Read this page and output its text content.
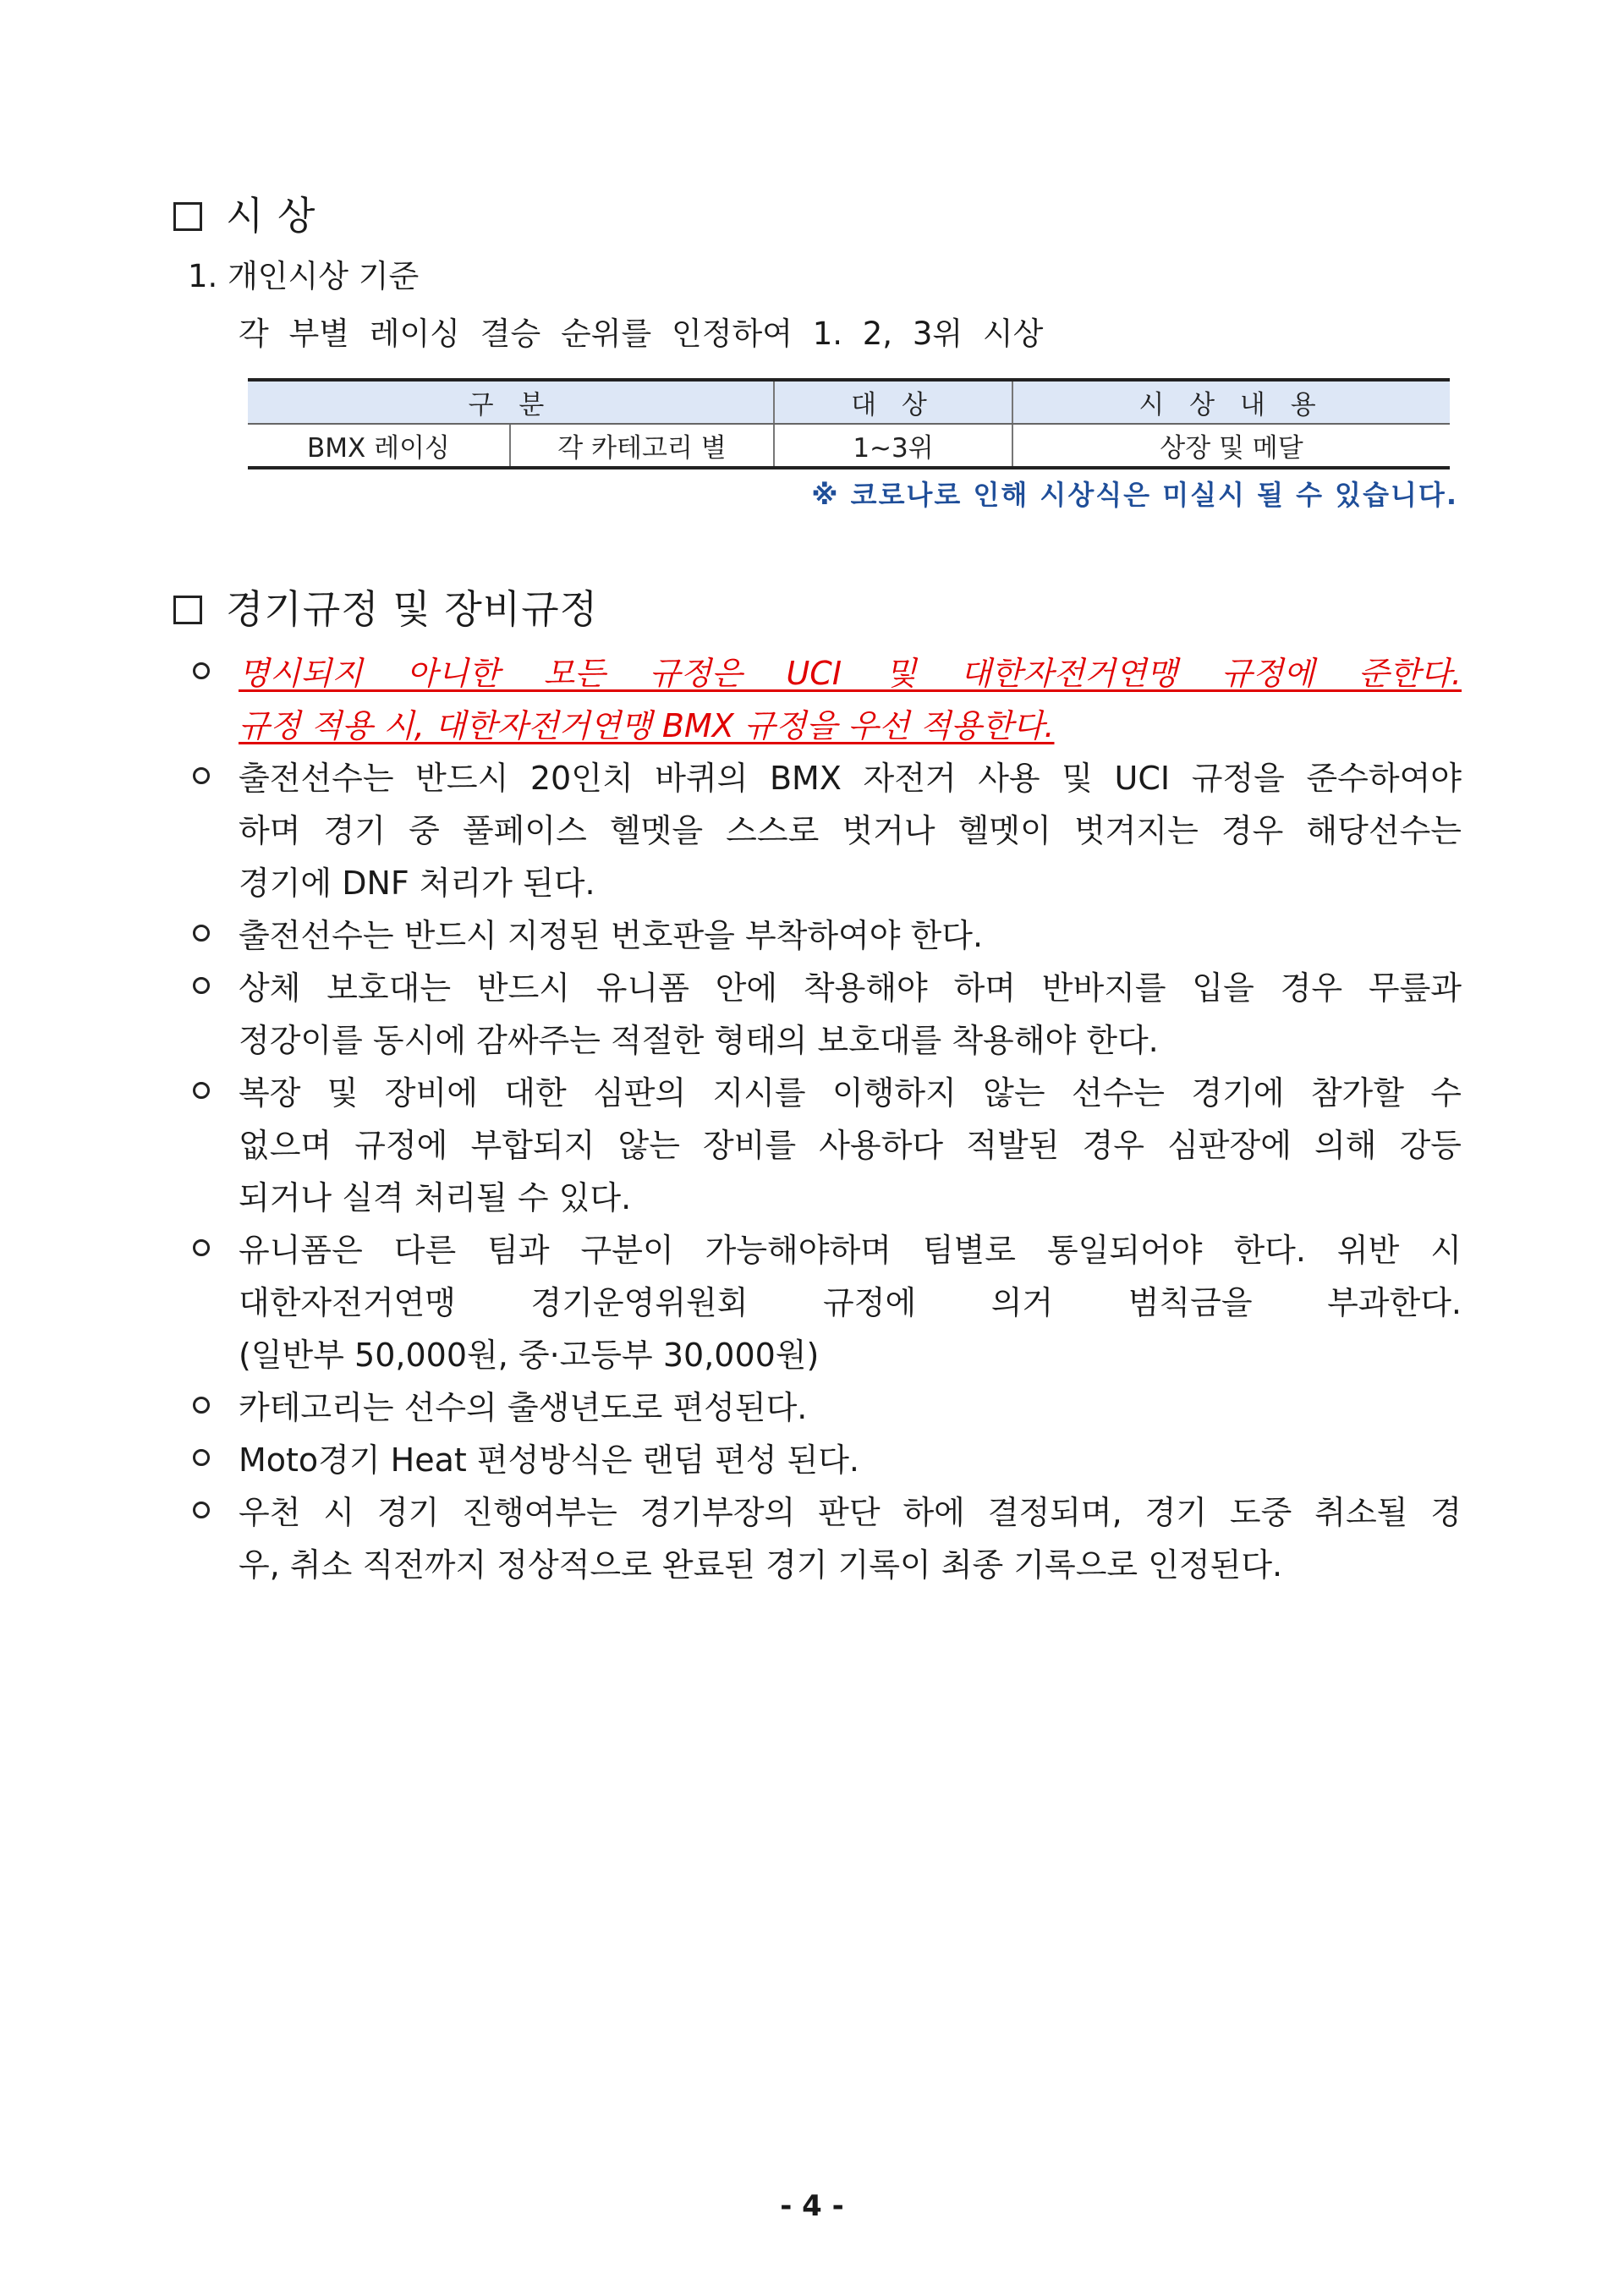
시 상
1. 개인시상 기준
각 부별 레이싱 결승 순위를 인정하여 1. 2, 3위 시상
구 분		대 상	시 상 내 용
BMX 레이싱	각 카테고리 별	1~3위	상장 및 메달
※ 코로나로 인해 시상식은 미실시 될 수 있습니다.
경기규정 및 장비규정
명시되지 아니한 모든 규정은 UCI 및 대한자전거연맹 규정에 준한다.
규정 적용 시, 대한자전거연맹 BMX 규정을 우선 적용한다.
출전선수는 반드시 20인치 바퀴의 BMX 자전거 사용 및 UCI 규정을 준수하여야
하며 경기 중 풀페이스 헬멧을 스스로 벗거나 헬멧이 벗겨지는 경우 해당선수는
경기에 DNF 처리가 된다.
출전선수는 반드시 지정된 번호판을 부착하여야 한다.
상체 보호대는 반드시 유니폼 안에 착용해야 하며 반바지를 입을 경우 무릎과
정강이를 동시에 감싸주는 적절한 형태의 보호대를 착용해야 한다.
복장 및 장비에 대한 심판의 지시를 이행하지 않는 선수는 경기에 참가할 수
없으며 규정에 부합되지 않는 장비를 사용하다 적발된 경우 심판장에 의해 강등
되거나 실격 처리될 수 있다.
유니폼은 다른 팀과 구분이 가능해야하며 팀별로 통일되어야 한다. 위반 시
대한자전거연맹 경기운영위원회 규정에 의거 범칙금을 부과한다.
(일반부 50,000원, 중·고등부 30,000원)
카테고리는 선수의 출생년도로 편성된다.
Moto경기 Heat 편성방식은 랜덤 편성 된다.
우천 시 경기 진행여부는 경기부장의 판단 하에 결정되며, 경기 도중 취소될 경
우, 취소 직전까지 정상적으로 완료된 경기 기록이 최종 기록으로 인정된다.
- 4 -
